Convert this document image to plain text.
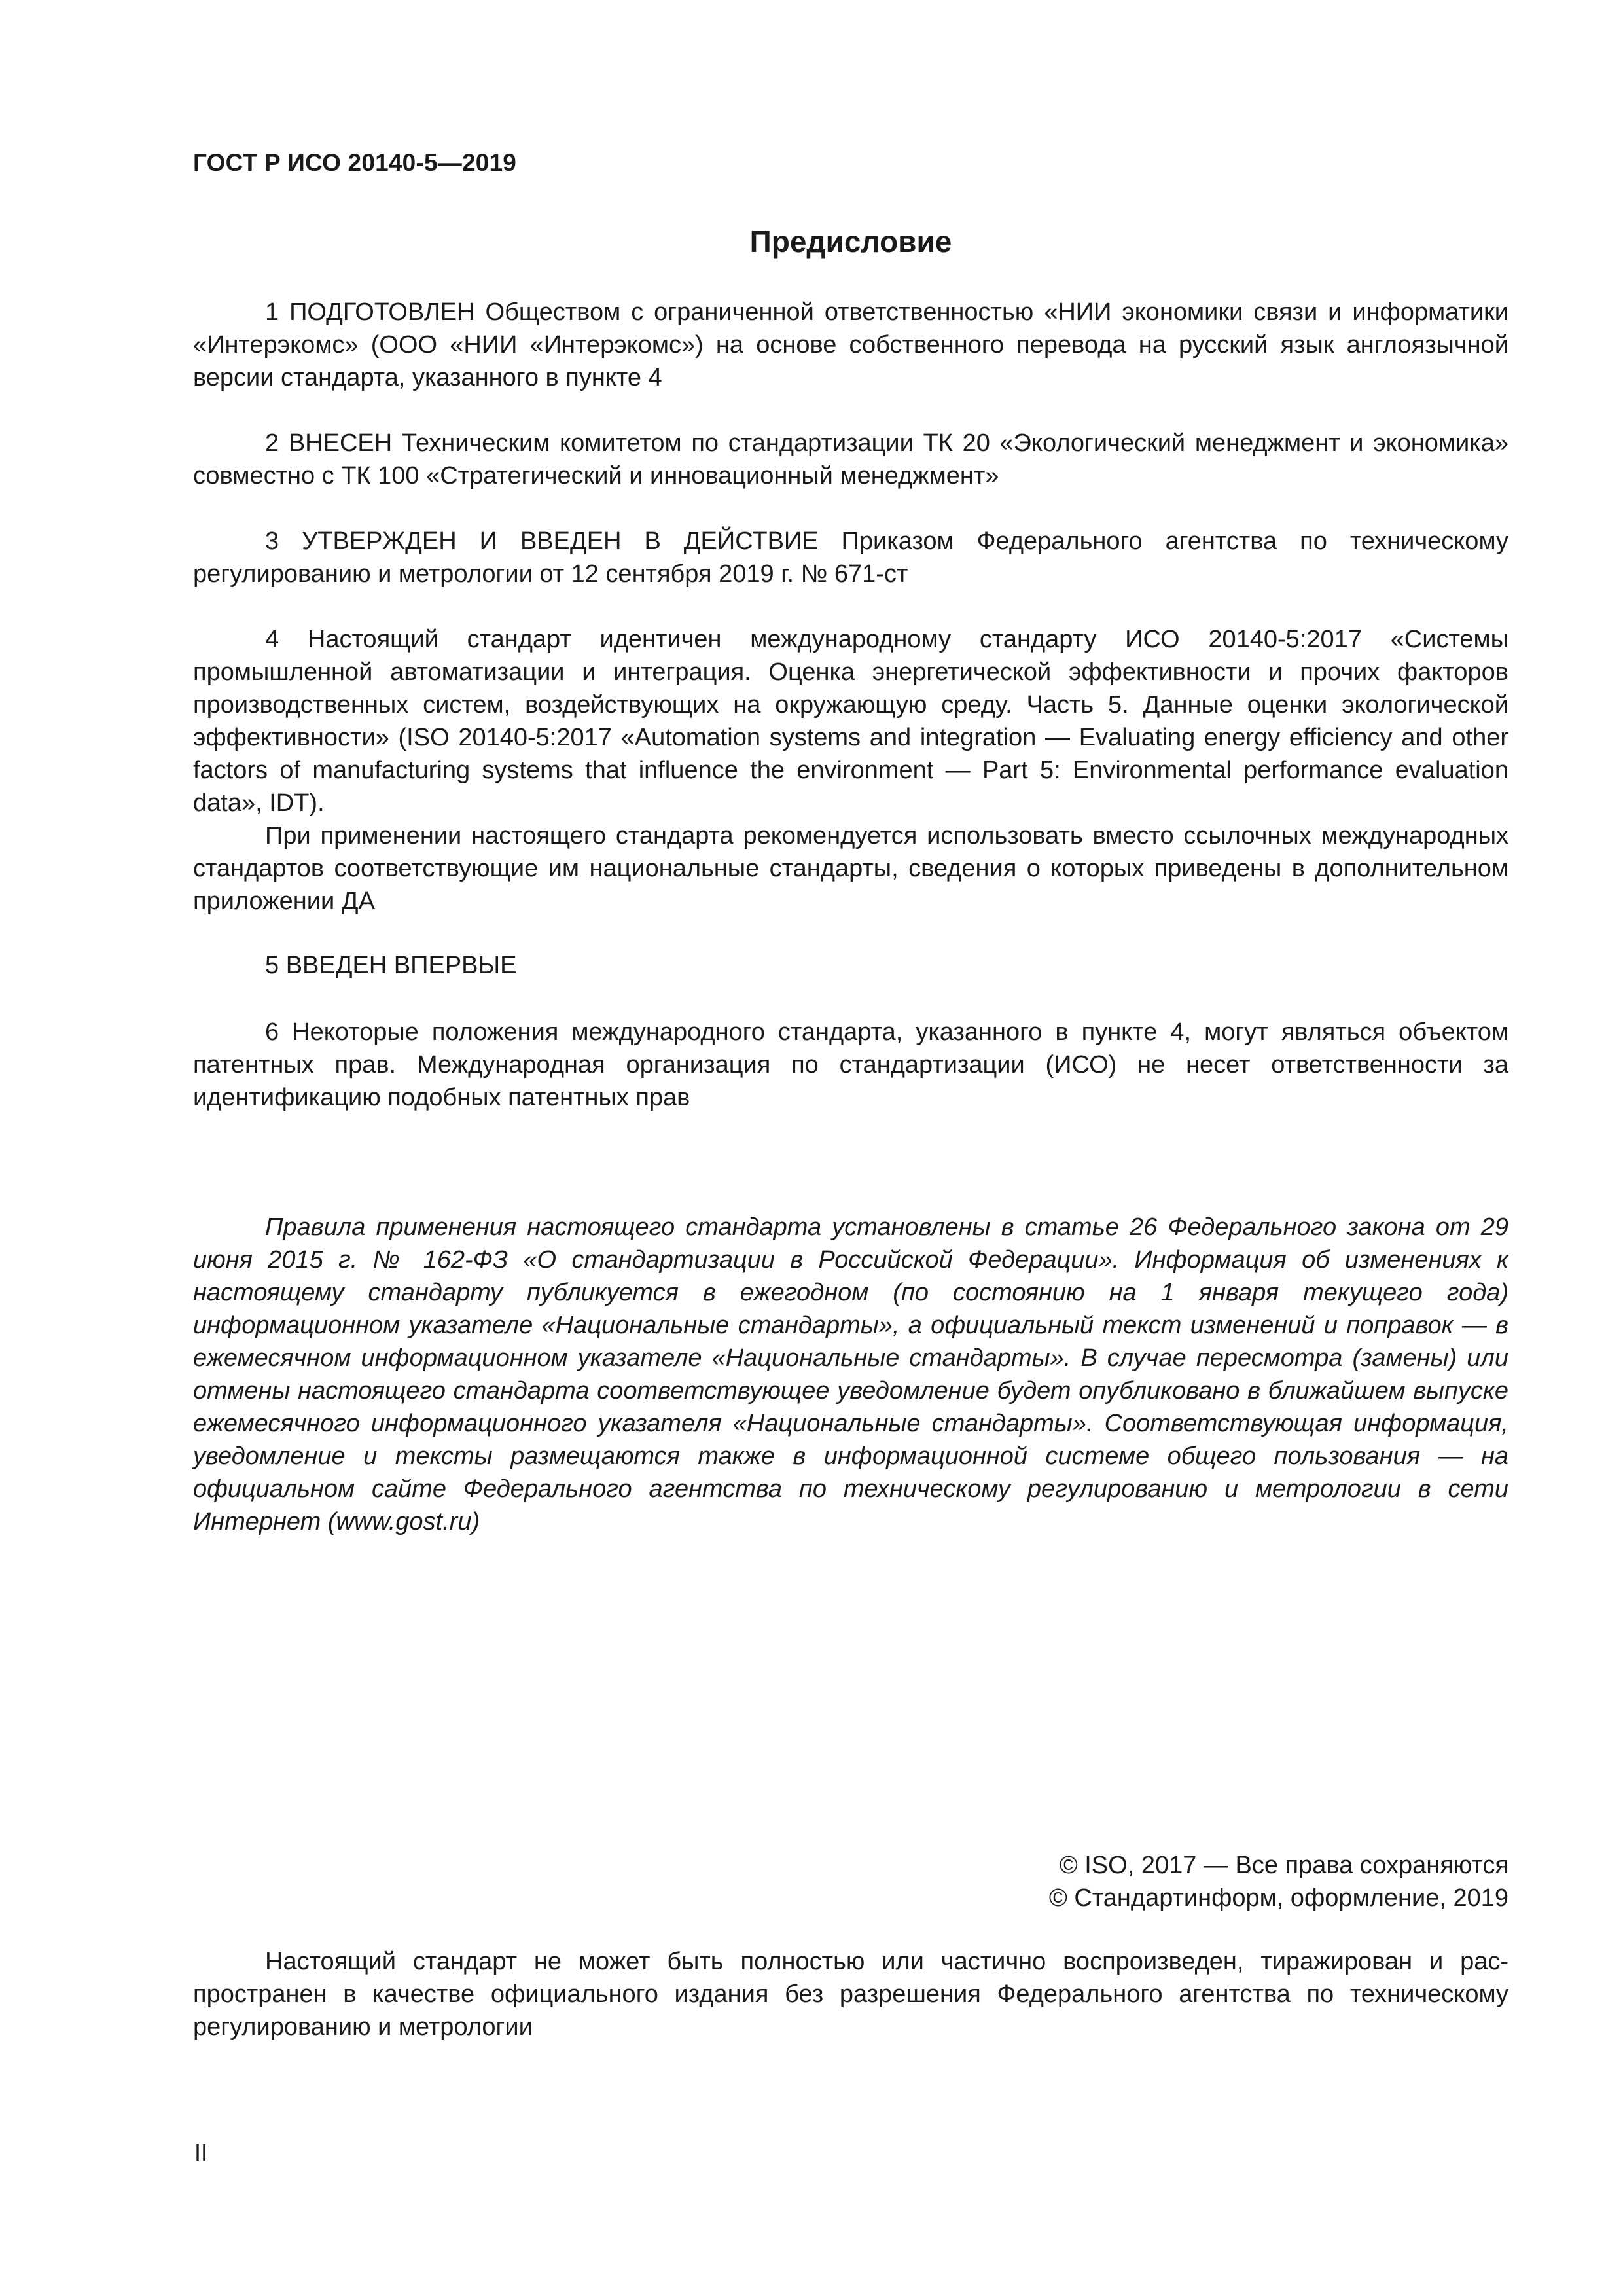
ГОСТ Р ИСО 20140-5—2019
Предисловие

1 ПОДГОТОВЛЕН Обществом с ограниченной ответственностью «НИИ экономики связи и информатики «Интерэкомс» (ООО «НИИ «Интерэкомс») на основе собственного перевода на русский язык англоязычной версии стандарта, указанного в пункте 4

2 ВНЕСЕН Техническим комитетом по стандартизации ТК 20 «Экологический менеджмент и экономика» совместно с ТК 100 «Стратегический и инновационный менеджмент»

3 УТВЕРЖДЕН И ВВЕДЕН В ДЕЙСТВИЕ Приказом Федерального агентства по техническому регулированию и метрологии от 12 сентября 2019 г. № 671-ст

4 Настоящий стандарт идентичен международному стандарту ИСО 20140-5:2017 «Системы промышленной автоматизации и интеграция. Оценка энергетической эффективности и прочих факторов производственных систем, воздействующих на окружающую среду. Часть 5. Данные оценки экологической эффективности» (ISO 20140-5:2017 «Automation systems and integration — Evaluating energy efficiency and other factors of manufacturing systems that influence the environment — Part 5: Environmental performance evaluation data», IDT).

При применении настоящего стандарта рекомендуется использовать вместо ссылочных международных стандартов соответствующие им национальные стандарты, сведения о которых приведены в дополнительном приложении ДА

5 ВВЕДЕН ВПЕРВЫЕ

6 Некоторые положения международного стандарта, указанного в пункте 4, могут являться объектом патентных прав. Международная организация по стандартизации (ИСО) не несет ответственности за идентификацию подобных патентных прав

Правила применения настоящего стандарта установлены в статье 26 Федерального закона от 29 июня 2015 г. № 162-ФЗ «О стандартизации в Российской Федерации». Информация об изменениях к настоящему стандарту публикуется в ежегодном (по состоянию на 1 января текущего года) информационном указателе «Национальные стандарты», а официальный текст изменений и поправок — в ежемесячном информационном указателе «Национальные стандарты». В случае пересмотра (замены) или отмены настоящего стандарта соответствующее уведомление будет опубликовано в ближайшем выпуске ежемесячного информационного указателя «Национальные стандарты». Соответствующая информация, уведомление и тексты размещаются также в информационной системе общего пользования — на официальном сайте Федерального агентства по техническому регулированию и метрологии в сети Интернет (www.gost.ru)

© ISO, 2017 — Все права сохраняются
© Стандартинформ, оформление, 2019

Настоящий стандарт не может быть полностью или частично воспроизведен, тиражирован и распространен в качестве официального издания без разрешения Федерального агентства по техническому регулированию и метрологии

II
